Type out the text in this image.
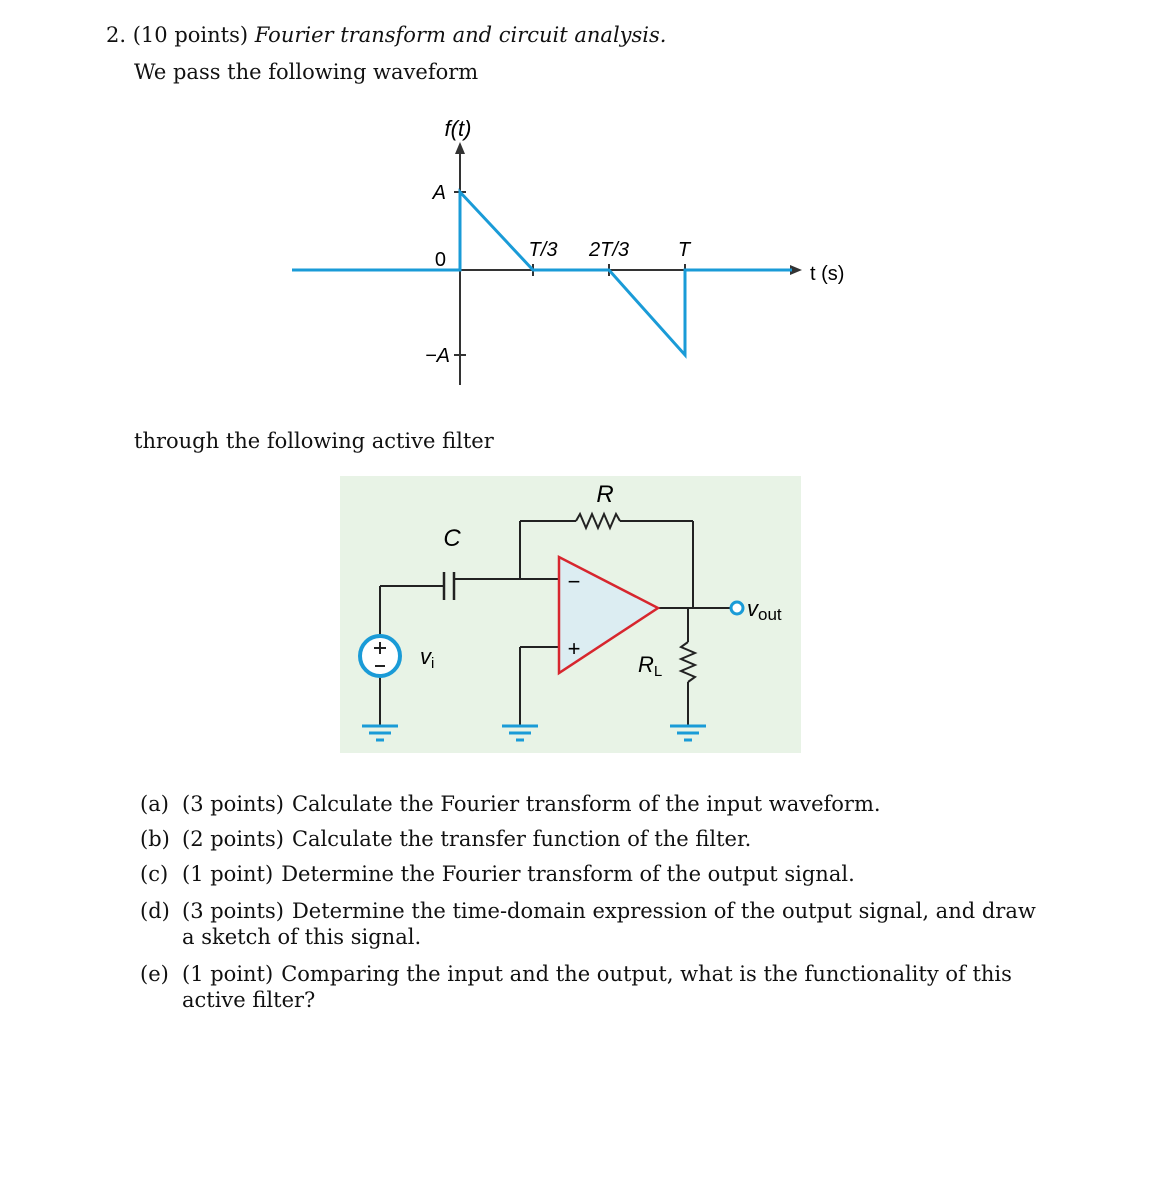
2. (10 points) Fourier transform and circuit analysis.
We pass the following waveform
f(t)
A
0
−A
T/3 2T/3 T
t (s)
through the following active filter
C
R
−
+
vi	RL
vout
(a) (3 points) Calculate the Fourier transform of the input waveform.
(b) (2 points) Calculate the transfer function of the filter.
(c) (1 point) Determine the Fourier transform of the output signal.
(d) (3 points) Determine the time-domain expression of the output signal, and draw a sketch of this signal.
(e) (1 point) Comparing the input and the output, what is the functionality of this active filter?
